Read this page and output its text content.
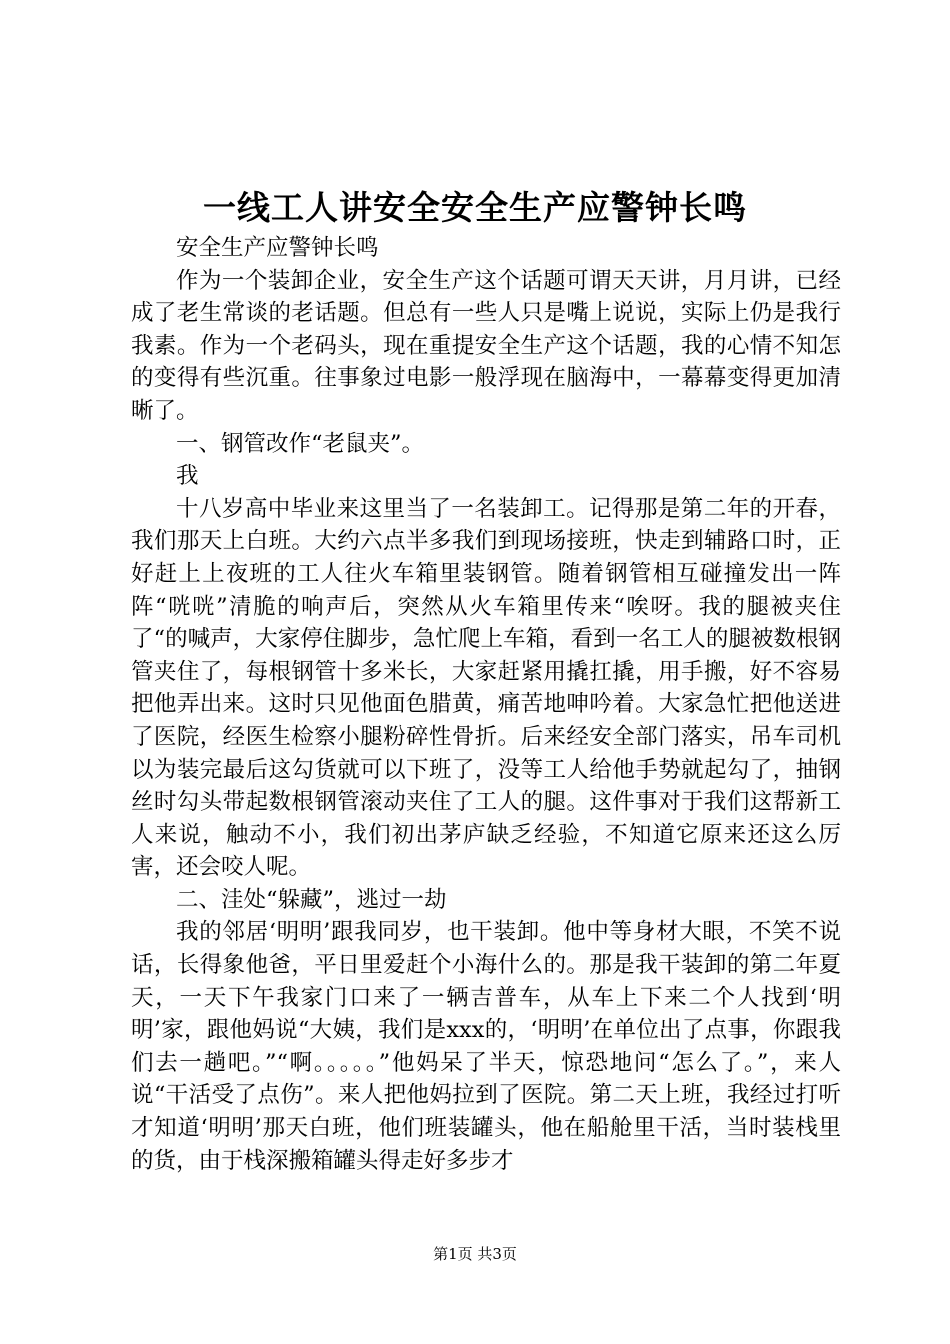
一线工人讲安全安全生产应警钟长鸣

安全生产应警钟长鸣

作为一个装卸企业，安全生产这个话题可谓天天讲，月月讲，已经成了老生常谈的老话题。但总有一些人只是嘴上说说，实际上仍是我行我素。作为一个老码头，现在重提安全生产这个话题，我的心情不知怎的变得有些沉重。往事象过电影一般浮现在脑海中，一幕幕变得更加清晰了。

一、钢管改作“老鼠夹”。

我

十八岁高中毕业来这里当了一名装卸工。记得那是第二年的开春，我们那天上白班。大约六点半多我们到现场接班，快走到辅路口时，正好赶上上夜班的工人往火车箱里装钢管。随着钢管相互碰撞发出一阵阵“咣咣”清脆的响声后，突然从火车箱里传来“唉呀。我的腿被夹住了“的喊声，大家停住脚步，急忙爬上车箱，看到一名工人的腿被数根钢管夹住了，每根钢管十多米长，大家赶紧用撬扛撬，用手搬，好不容易把他弄出来。这时只见他面色腊黄，痛苦地呻吟着。大家急忙把他送进了医院，经医生检察小腿粉碎性骨折。后来经安全部门落实，吊车司机以为装完最后这勾货就可以下班了，没等工人给他手势就起勾了，抽钢丝时勾头带起数根钢管滚动夹住了工人的腿。这件事对于我们这帮新工人来说，触动不小，我们初出茅庐缺乏经验，不知道它原来还这么厉害，还会咬人呢。

二、洼处“躲藏”，逃过一劫

我的邻居‘明明’跟我同岁，也干装卸。他中等身材大眼，不笑不说话，长得象他爸，平日里爱赶个小海什么的。那是我干装卸的第二年夏天，一天下午我家门口来了一辆吉普车，从车上下来二个人找到‘明明’家，跟他妈说“大姨，我们是xxx的，‘明明’在单位出了点事，你跟我们去一趟吧。”“啊。。。。。”他妈呆了半天，惊恐地问“怎么了。”，来人说“干活受了点伤”。来人把他妈拉到了医院。第二天上班，我经过打听才知道‘明明’那天白班，他们班装罐头，他在船舱里干活，当时装栈里的货，由于栈深搬箱罐头得走好多步才

第1页 共3页
